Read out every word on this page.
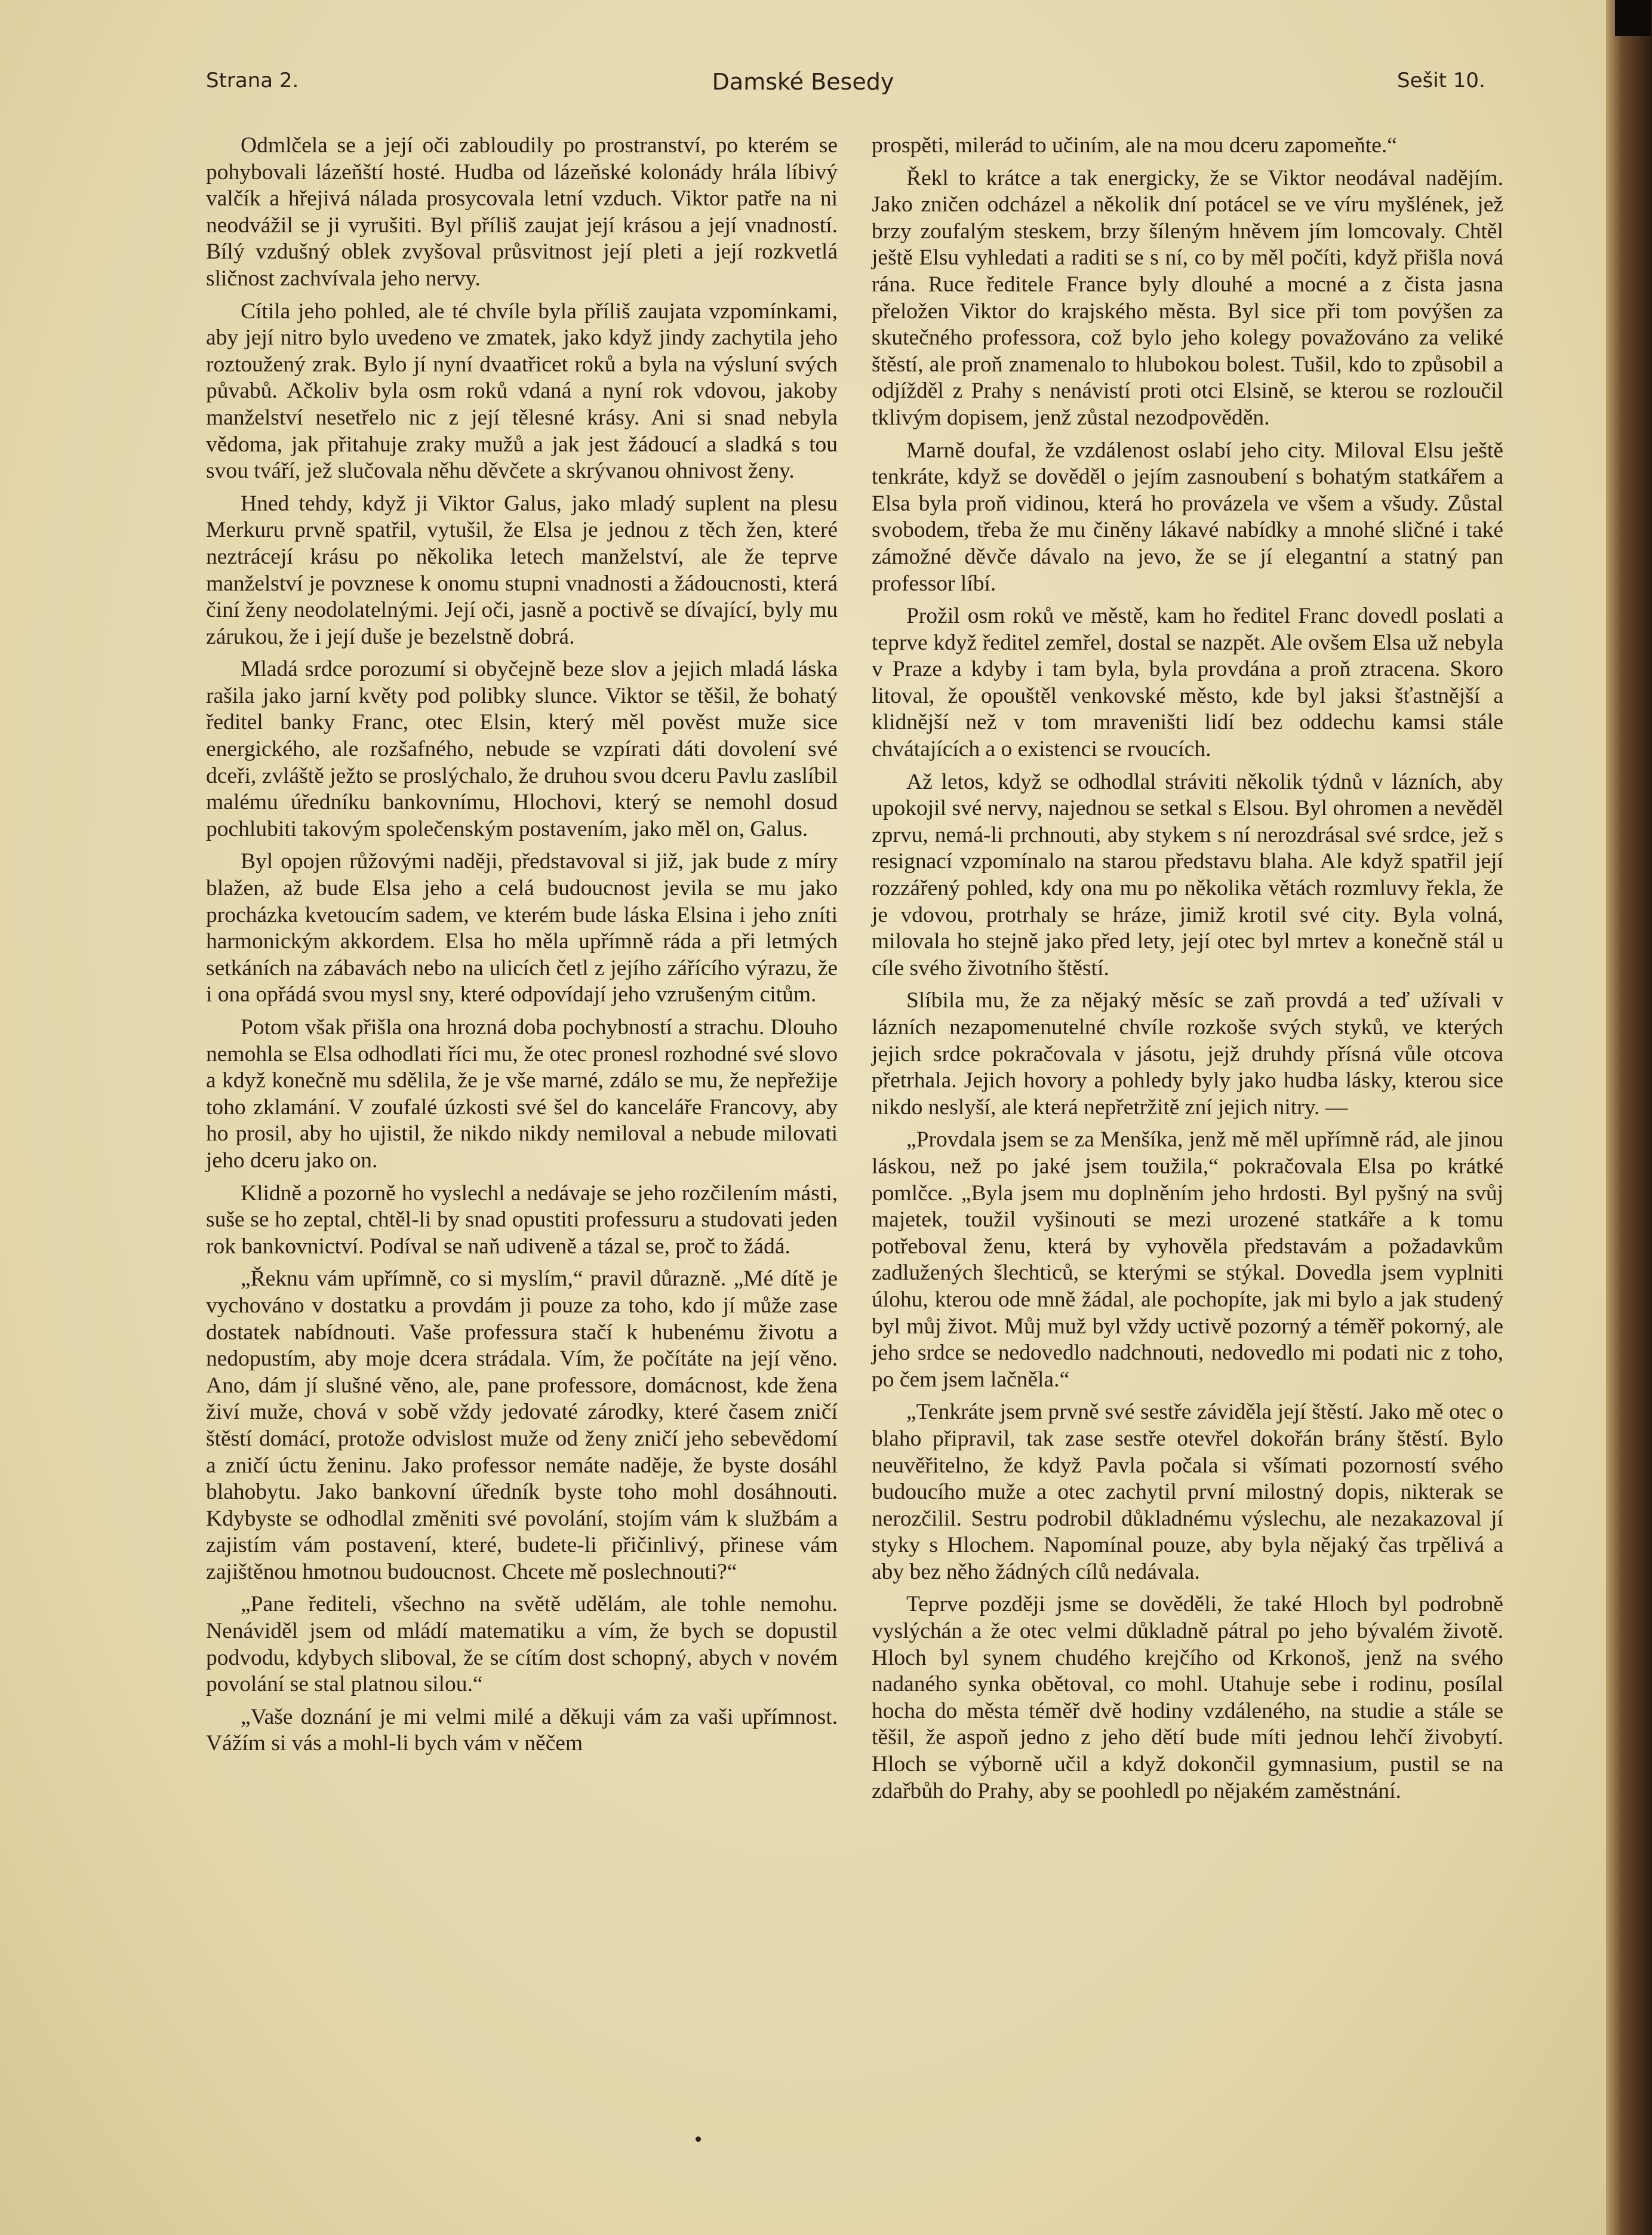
Strana 2.	Damské Besedy	Sešit 10.

Odmlčela se a její oči zabloudily po prostranství, po kterém se pohybovali lázeňští hosté. Hudba od lázeňské kolonády hrála líbivý valčík a hřejivá nálada prosycovala letní vzduch. Viktor patře na ni neodvážil se ji vyrušiti. Byl příliš zaujat její krásou a její vnadností. Bílý vzdušný oblek zvyšoval průsvitnost její pleti a její rozkvetlá sličnost zachvívala jeho nervy.

Cítila jeho pohled, ale té chvíle byla příliš zaujata vzpomínkami, aby její nitro bylo uvedeno ve zmatek, jako když jindy zachytila jeho roztoužený zrak. Bylo jí nyní dvaatřicet roků a byla na výsluní svých půvabů. Ačkoliv byla osm roků vdaná a nyní rok vdovou, jakoby manželství nesetřelo nic z její tělesné krásy. Ani si snad nebyla vědoma, jak přitahuje zraky mužů a jak jest žádoucí a sladká s tou svou tváří, jež slučovala něhu děvčete a skrývanou ohnivost ženy.

Hned tehdy, když ji Viktor Galus, jako mladý suplent na plesu Merkuru prvně spatřil, vytušil, že Elsa je jednou z těch žen, které neztrácejí krásu po několika letech manželství, ale že teprve manželství je povznese k onomu stupni vnadnosti a žádoucnosti, která činí ženy neodolatelnými. Její oči, jasně a poctivě se dívající, byly mu zárukou, že i její duše je bezelstně dobrá.

Mladá srdce porozumí si obyčejně beze slov a jejich mladá láska rašila jako jarní květy pod polibky slunce. Viktor se těšil, že bohatý ředitel banky Franc, otec Elsin, který měl pověst muže sice energického, ale rozšafného, nebude se vzpírati dáti dovolení své dceři, zvláště ježto se proslýchalo, že druhou svou dceru Pavlu zaslíbil malému úředníku bankovnímu, Hlochovi, který se nemohl dosud pochlubiti takovým společenským postavením, jako měl on, Galus.

Byl opojen růžovými naději, představoval si již, jak bude z míry blažen, až bude Elsa jeho a celá budoucnost jevila se mu jako procházka kvetoucím sadem, ve kterém bude láska Elsina i jeho zníti harmonickým akkordem. Elsa ho měla upřímně ráda a při letmých setkáních na zábavách nebo na ulicích četl z jejího zářícího výrazu, že i ona opřádá svou mysl sny, které odpovídají jeho vzrušeným citům.

Potom však přišla ona hrozná doba pochybností a strachu. Dlouho nemohla se Elsa odhodlati říci mu, že otec pronesl rozhodné své slovo a když konečně mu sdělila, že je vše marné, zdálo se mu, že nepřežije toho zklamání. V zoufalé úzkosti své šel do kanceláře Francovy, aby ho prosil, aby ho ujistil, že nikdo nikdy nemiloval a nebude milovati jeho dceru jako on.

Klidně a pozorně ho vyslechl a nedávaje se jeho rozčilením másti, suše se ho zeptal, chtěl-li by snad opustiti professuru a studovati jeden rok bankovnictví. Podíval se naň udiveně a tázal se, proč to žádá.

„Řeknu vám upřímně, co si myslím,“ pravil důrazně. „Mé dítě je vychováno v dostatku a provdám ji pouze za toho, kdo jí může zase dostatek nabídnouti. Vaše professura stačí k hubenému životu a nedopustím, aby moje dcera strádala. Vím, že počítáte na její věno. Ano, dám jí slušné věno, ale, pane professore, domácnost, kde žena živí muže, chová v sobě vždy jedovaté zárodky, které časem zničí štěstí domácí, protože odvislost muže od ženy zničí jeho sebevědomí a zničí úctu ženinu. Jako professor nemáte naděje, že byste dosáhl blahobytu. Jako bankovní úředník byste toho mohl dosáhnouti. Kdybyste se odhodlal změniti své povolání, stojím vám k službám a zajistím vám postavení, které, budete-li přičinlivý, přinese vám zajištěnou hmotnou budoucnost. Chcete mě poslechnouti?“

„Pane řediteli, všechno na světě udělám, ale tohle nemohu. Nenáviděl jsem od mládí matematiku a vím, že bych se dopustil podvodu, kdybych sliboval, že se cítím dost schopný, abych v novém povolání se stal platnou silou.“

„Vaše doznání je mi velmi milé a děkuji vám za vaši upřímnost. Vážím si vás a mohl-li bych vám v něčem

prospěti, milerád to učiním, ale na mou dceru zapomeňte.“

Řekl to krátce a tak energicky, že se Viktor neodával nadějím. Jako zničen odcházel a několik dní potácel se ve víru myšlének, jež brzy zoufalým steskem, brzy šíleným hněvem jím lomcovaly. Chtěl ještě Elsu vyhledati a raditi se s ní, co by měl počíti, když přišla nová rána. Ruce ředitele France byly dlouhé a mocné a z čista jasna přeložen Viktor do krajského města. Byl sice při tom povýšen za skutečného professora, což bylo jeho kolegy považováno za veliké štěstí, ale proň znamenalo to hlubokou bolest. Tušil, kdo to způsobil a odjížděl z Prahy s nenávistí proti otci Elsině, se kterou se rozloučil tklivým dopisem, jenž zůstal nezodpověděn.

Marně doufal, že vzdálenost oslabí jeho city. Miloval Elsu ještě tenkráte, když se dověděl o jejím zasnoubení s bohatým statkářem a Elsa byla proň vidinou, která ho provázela ve všem a všudy. Zůstal svobodem, třeba že mu činěny lákavé nabídky a mnohé sličné i také zámožné děvče dávalo na jevo, že se jí elegantní a statný pan professor líbí.

Prožil osm roků ve městě, kam ho ředitel Franc dovedl poslati a teprve když ředitel zemřel, dostal se nazpět. Ale ovšem Elsa už nebyla v Praze a kdyby i tam byla, byla provdána a proň ztracena. Skoro litoval, že opouštěl venkovské město, kde byl jaksi šťastnější a klidnější než v tom mraveništi lidí bez oddechu kamsi stále chvátajících a o existenci se rvoucích.

Až letos, když se odhodlal stráviti několik týdnů v lázních, aby upokojil své nervy, najednou se setkal s Elsou. Byl ohromen a nevěděl zprvu, nemá-li prchnouti, aby stykem s ní nerozdrásal své srdce, jež s resignací vzpomínalo na starou představu blaha. Ale když spatřil její rozzářený pohled, kdy ona mu po několika větách rozmluvy řekla, že je vdovou, protrhaly se hráze, jimiž krotil své city. Byla volná, milovala ho stejně jako před lety, její otec byl mrtev a konečně stál u cíle svého životního štěstí.

Slíbila mu, že za nějaký měsíc se zaň provdá a teď užívali v lázních nezapomenutelné chvíle rozkoše svých styků, ve kterých jejich srdce pokračovala v jásotu, jejž druhdy přísná vůle otcova přetrhala. Jejich hovory a pohledy byly jako hudba lásky, kterou sice nikdo neslyší, ale která nepřetržitě zní jejich nitry. —

„Provdala jsem se za Menšíka, jenž mě měl upřímně rád, ale jinou láskou, než po jaké jsem toužila,“ pokračovala Elsa po krátké pomlčce. „Byla jsem mu doplněním jeho hrdosti. Byl pyšný na svůj majetek, toužil vyšinouti se mezi urozené statkáře a k tomu potřeboval ženu, která by vyhověla představám a požadavkům zadlužených šlechticů, se kterými se stýkal. Dovedla jsem vyplniti úlohu, kterou ode mně žádal, ale pochopíte, jak mi bylo a jak studený byl můj život. Můj muž byl vždy uctivě pozorný a téměř pokorný, ale jeho srdce se nedovedlo nadchnouti, nedovedlo mi podati nic z toho, po čem jsem lačněla.“

„Tenkráte jsem prvně své sestře záviděla její štěstí. Jako mě otec o blaho připravil, tak zase sestře otevřel dokořán brány štěstí. Bylo neuvěřitelno, že když Pavla počala si všímati pozorností svého budoucího muže a otec zachytil první milostný dopis, nikterak se nerozčilil. Sestru podrobil důkladnému výslechu, ale nezakazoval jí styky s Hlochem. Napomínal pouze, aby byla nějaký čas trpělivá a aby bez něho žádných cílů nedávala.

Teprve později jsme se dověděli, že také Hloch byl podrobně vyslýchán a že otec velmi důkladně pátral po jeho bývalém životě. Hloch byl synem chudého krejčího od Krkonoš, jenž na svého nadaného synka obětoval, co mohl. Utahuje sebe i rodinu, posílal hocha do města téměř dvě hodiny vzdáleného, na studie a stále se těšil, že aspoň jedno z jeho dětí bude míti jednou lehčí živobytí. Hloch se výborně učil a když dokončil gymnasium, pustil se na zdařbůh do Prahy, aby se poohledl po nějakém zaměstnání.
